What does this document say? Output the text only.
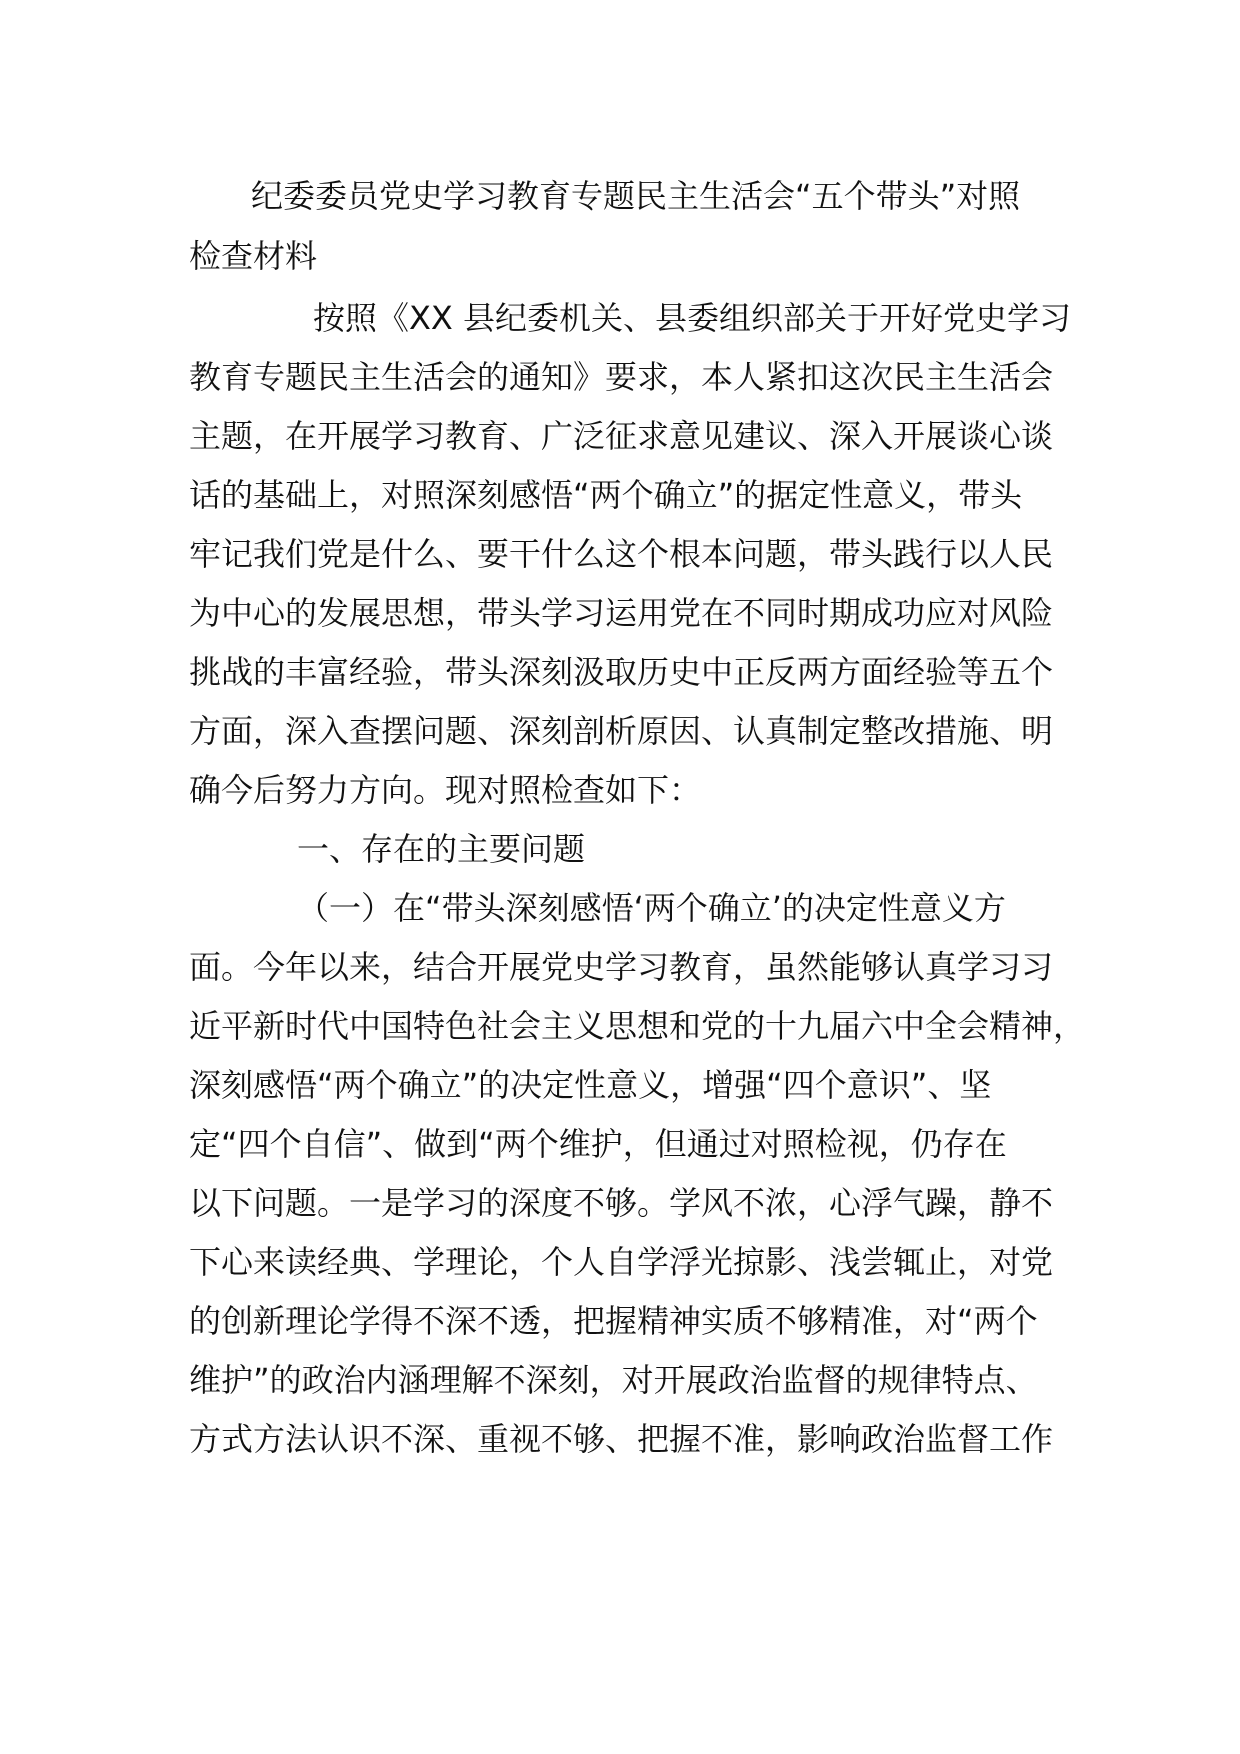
纪委委员党史学习教育专题民主生活会“五个带头”对照
检查材料
按照《XX 县纪委机关、县委组织部关于开好党史学习
教育专题民主生活会的通知》要求，本人紧扣这次民主生活会
主题，在开展学习教育、广泛征求意见建议、深入开展谈心谈
话的基础上，对照深刻感悟“两个确立”的据定性意义，带头
牢记我们党是什么、要干什么这个根本问题，带头践行以人民
为中心的发展思想，带头学习运用党在不同时期成功应对风险
挑战的丰富经验，带头深刻汲取历史中正反两方面经验等五个
方面，深入查摆问题、深刻剖析原因、认真制定整改措施、明
确今后努力方向。现对照检查如下：
一、存在的主要问题
（一）在“带头深刻感悟‘两个确立’的决定性意义方
面。今年以来，结合开展党史学习教育，虽然能够认真学习习
近平新时代中国特色社会主义思想和党的十九届六中全会精神，
深刻感悟“两个确立”的决定性意义，增强“四个意识”、坚
定“四个自信”、做到“两个维护，但通过对照检视，仍存在
以下问题。一是学习的深度不够。学风不浓，心浮气躁，静不
下心来读经典、学理论，个人自学浮光掠影、浅尝辄止，对党
的创新理论学得不深不透，把握精神实质不够精准，对“两个
维护”的政治内涵理解不深刻，对开展政治监督的规律特点、
方式方法认识不深、重视不够、把握不准，影响政治监督工作
